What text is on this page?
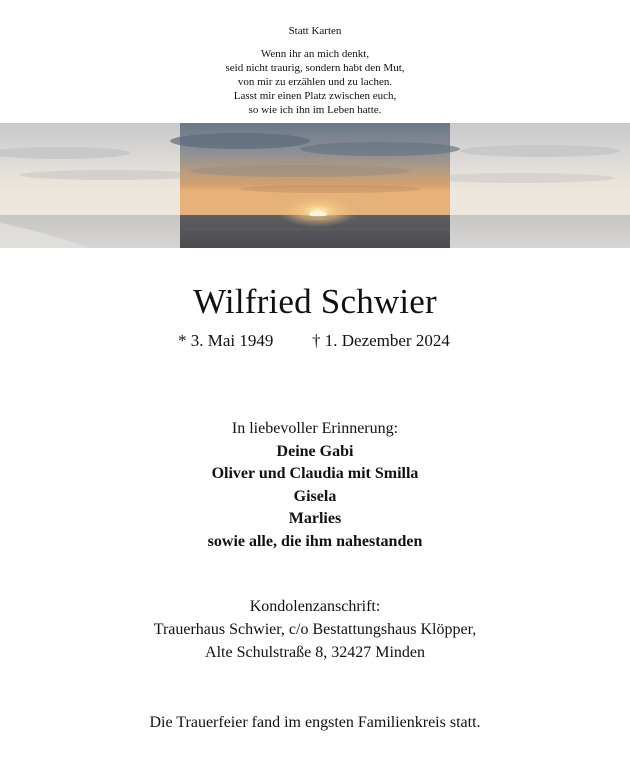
Statt Karten
Wenn ihr an mich denkt,
seid nicht traurig, sondern habt den Mut,
von mir zu erzählen und zu lachen.
Lasst mir einen Platz zwischen euch,
so wie ich ihn im Leben hatte.
Wilfried Schwier
* 3. Mai 1949 † 1. Dezember 2024
In liebevoller Erinnerung:
Deine Gabi
Oliver und Claudia mit Smilla
Gisela
Marlies
sowie alle, die ihm nahestanden
Kondolenzanschrift:
Trauerhaus Schwier, c/o Bestattungshaus Klöpper,
Alte Schulstraße 8, 32427 Minden
Die Trauerfeier fand im engsten Familienkreis statt.
